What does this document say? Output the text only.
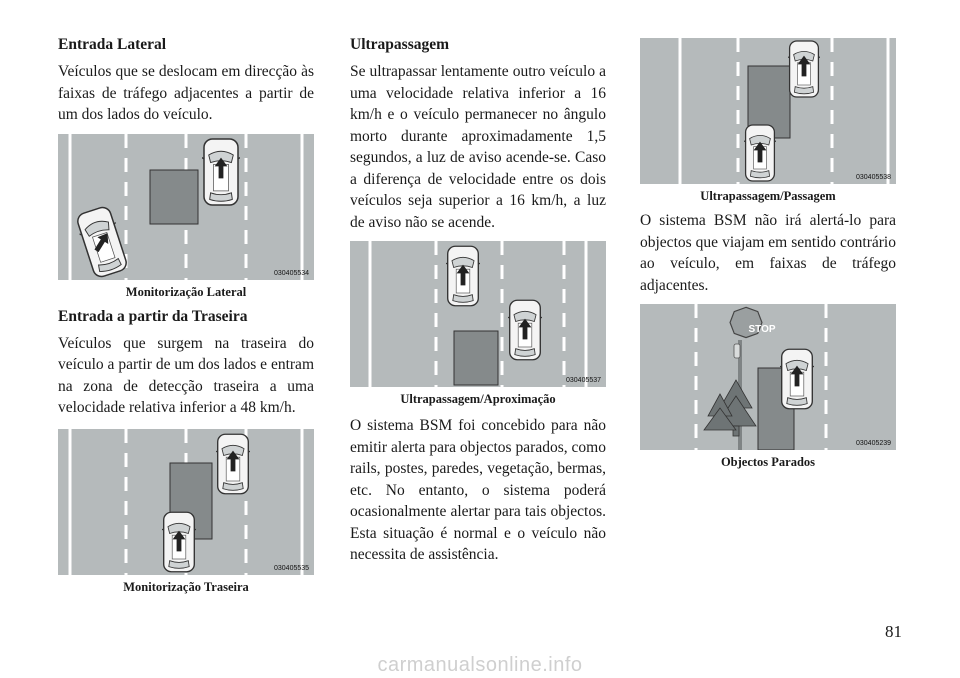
Entrada Lateral

Veículos que se deslocam em direcção às faixas de tráfego adjacentes a partir de um dos lados do veículo.

030405534
Monitorização Lateral
Entrada a partir da Traseira

Veículos que surgem na traseira do veículo a partir de um dos lados e entram na zona de detecção traseira a uma velocidade relativa inferior a 48 km/h.

030405535
Monitorização Traseira
Ultrapassagem

Se ultrapassar lentamente outro veículo a uma velocidade relativa inferior a 16 km/h e o veículo permanecer no ângulo morto durante aproximadamente 1,5 segundos, a luz de aviso acende-se. Caso a diferença de velocidade entre os dois veículos seja superior a 16 km/h, a luz de aviso não se acende.

030405537
Ultrapassagem/Aproximação

O sistema BSM foi concebido para não emitir alerta para objectos parados, como rails, postes, paredes, vegetação, bermas, etc. No entanto, o sistema poderá ocasionalmente alertar para tais objectos. Esta situação é normal e o veículo não necessita de assistência.

030405538
Ultrapassagem/Passagem

O sistema BSM não irá alertá-lo para objectos que viajam em sentido contrário ao veículo, em faixas de tráfego adjacentes.

STOP
030405239
Objectos Parados
81
carmanualsonline.info
